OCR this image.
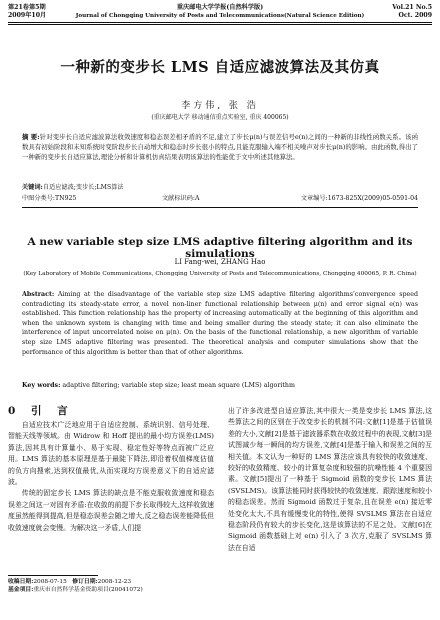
第21卷第5期
2009年10月
重庆邮电大学学报(自然科学版)
Journal of Chongqing University of Posts and Telecommunications(Natural Science Edition)
Vol.21 No.5
Oct. 2009
一种新的变步长 LMS 自适应滤波算法及其仿真
李方伟, 张 浩
(重庆邮电大学 移动通信重点实验室, 重庆 400065)
摘 要:针对变步长自适应滤波算法收敛速度和稳态误差相矛盾的不足,建立了步长μ(n)与误差信号e(n)之间的一种新的非线性函数关系。该函数具有初始阶段和未知系统时变阶段步长自动增大和稳态时步长很小的特点,且能克服输入端不相关噪声对步长μ(n)的影响。由此函数,得出了一种新的变步长自适应算法,理论分析和计算机仿真结果表明该算法的性能优于文中所述其他算法。
关键词:自适应滤波;变步长;LMS算法
中图分类号:TN925	文献标识码:A	文章编号:1673-825X(2009)05-0591-04
A new variable step size LMS adaptive filtering algorithm and its simulations
LI Fang-wei, ZHANG Hao
(Key Laboratory of Mobile Communications, Chongqing University of Posts and Telecommunications, Chongqing 400065, P. R. China)
Abstract: Aiming at the disadvantage of the variable step size LMS adaptive filtering algorithms’convergence speed contradicting its steady-state error, a novel non-liner functional relationship between μ(n) and error signal e(n) was established. This function relationship has the property of increasing automatically at the beginning of this algorithm and when the unknown system is changing with time and being smaller during the steady state; it can also eliminate the interference of input uncorrelated noise on μ(n). On the basis of the functional relationship, a new algorithm of variable step size LMS adaptive filtering was presented. The theoretical analysis and computer simulations show that the performance of this algorithm is better than that of other algorithms.
Key words: adaptive filtering; variable step size; least mean square (LMS) algorithm
0 引 言

自适应技术广泛地应用于自适应控制、系统识别、信号处理、智能天线等领域。由 Widrow 和 Hoff 提出的最小均方误差(LMS)算法,因其具有计算量小、易于实现、稳定性好等特点而被广泛应用。LMS 算法的基本原理是基于最陡下降法,即沿着权值梯度估值的负方向搜索,达到权值最优,从而实现均方误差意义下的自适应滤波。

传统的固定步长 LMS 算法的缺点是不能克服收敛速度和稳态误差之间这一对固有矛盾:在收敛的前提下步长取得较大,这样收敛速度虽然能得到提高,但是稳态误差会随之增大,反之稳态误差能降低但收敛速度就会变慢。为解决这一矛盾,人们提

出了许多改进型自适应算法,其中很大一类是变步长 LMS 算法,这些算法之间的区别在于改变步长的机制不同:文献[1]是基于估值误差的大小,文献[2]是基于滤波器系数在收敛过程中的表现,文献[3]是试图减少每一瞬间的均方误差,文献[4]是基于输入和误差之间的互相关值。本文认为一种好的 LMS 算法应该具有较快的收敛速度、较好的收敛精度、较小的计算复杂度和较强的抗噪性能 4 个重要因素。文献[5]提出了一种基于 Sigmoid 函数的变步长 LMS 算法(SVSLMS)。该算法能同时获得较快的收敛速度、跟踪速度和较小的稳态误差。然而 Sigmoid 函数过于复杂,且在误差 e(n) 接近零处变化太大,不具有缓慢变化的特性,使得 SVSLMS 算法在自适应稳态阶段仍有较大的步长变化,这是该算法的不足之处。文献[6]在 Sigmoid 函数基础上对 e(n) 引入了 3 次方,克服了 SVSLMS 算法在自适

收稿日期:2008-07-15 修订日期:2008-12-23
基金项目:重庆市自然科学基金资助项目(20041072)
